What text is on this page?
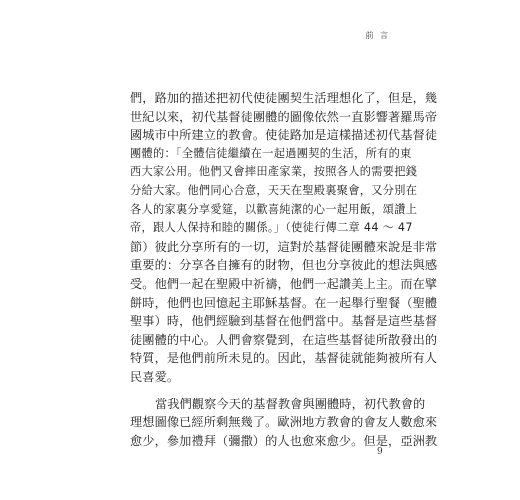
前 言
們，路加的描述把初代使徒團契生活理想化了，但是，幾
世紀以來，初代基督徒團體的圖像依然一直影響著羅馬帝
國城市中所建立的教會。使徒路加是這樣描述初代基督徒
團體的：「全體信徒繼續在一起過團契的生活，所有的東
西大家公用。他們又會摔田產家業，按照各人的需要把錢
分給大家。他們同心合意，天天在聖殿裏聚會，又分別在
各人的家裏分享愛筵，以歡喜純潔的心一起用飯，頌讚上
帝，跟人人保持和睦的關係。」（使徒行傳二章 44 ～ 47
節）彼此分享所有的一切，這對於基督徒團體來說是非常
重要的：分享各自擁有的財物，但也分享彼此的想法與感
受。他們一起在聖殿中祈禱，他們一起讚美上主。而在擘
餅時，他們也回憶起主耶穌基督。在一起舉行聖餐（聖體
聖事）時，他們經驗到基督在他們當中。基督是這些基督
徒團體的中心。人們會察覺到，在這些基督徒所散發出的
特質，是他們前所未見的。因此，基督徒就能夠被所有人
民喜愛。
當我們觀察今天的基督教會與團體時，初代教會的
理想圖像已經所剩無幾了。歐洲地方教會的會友人數愈來
愈少，參加禮拜（彌撒）的人也愈來愈少。但是，亞洲教
9
